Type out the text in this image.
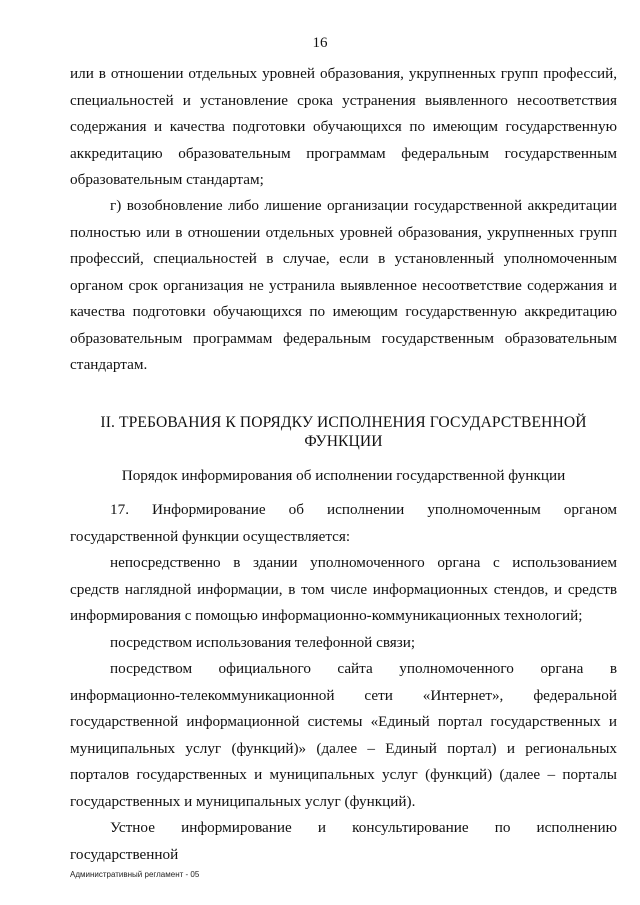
16

или в отношении отдельных уровней образования, укрупненных групп профессий, специальностей и установление срока устранения выявленного несоответствия содержания и качества подготовки обучающихся по имеющим государственную аккредитацию образовательным программам федеральным государственным образовательным стандартам;

г) возобновление либо лишение организации государственной аккредитации полностью или в отношении отдельных уровней образования, укрупненных групп профессий, специальностей в случае, если в установленный уполномоченным органом срок организация не устранила выявленное несоответствие содержания и качества подготовки обучающихся по имеющим государственную аккредитацию образовательным программам федеральным государственным образовательным стандартам.

II. ТРЕБОВАНИЯ К ПОРЯДКУ ИСПОЛНЕНИЯ ГОСУДАРСТВЕННОЙ ФУНКЦИИ
Порядок информирования об исполнении государственной функции

17. Информирование об исполнении уполномоченным органом государственной функции осуществляется:

непосредственно в здании уполномоченного органа с использованием средств наглядной информации, в том числе информационных стендов, и средств информирования с помощью информационно-коммуникационных технологий;

посредством использования телефонной связи;

посредством официального сайта уполномоченного органа в информационно-телекоммуникационной сети «Интернет», федеральной государственной информационной системы «Единый портал государственных и муниципальных услуг (функций)» (далее – Единый портал) и региональных порталов государственных и муниципальных услуг (функций) (далее – порталы государственных и муниципальных услуг (функций).

Устное информирование и консультирование по исполнению государственной

Административный регламент - 05
